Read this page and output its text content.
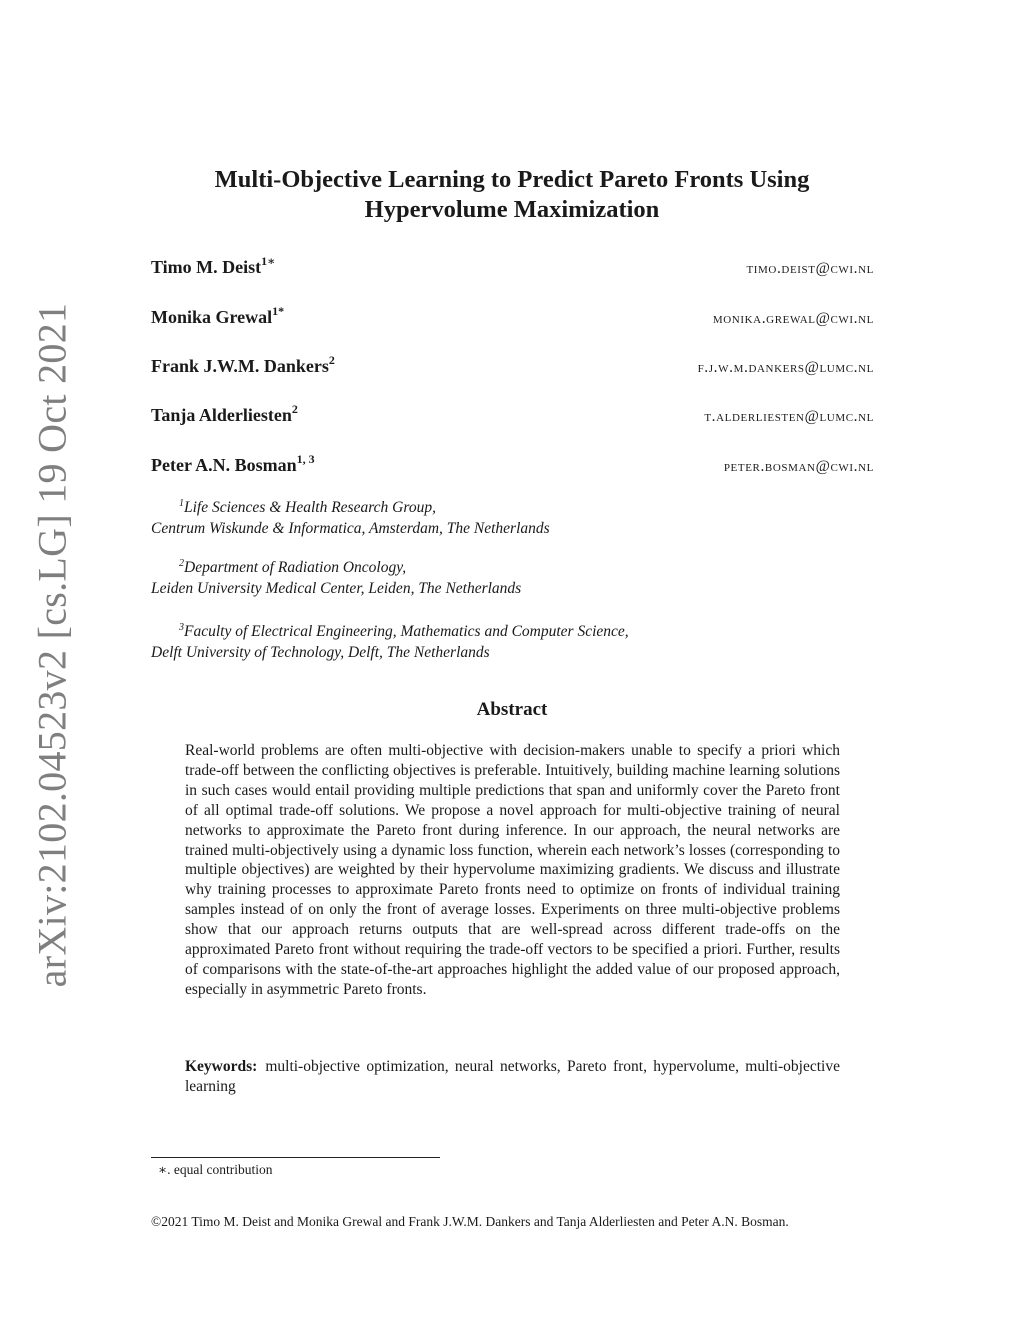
arXiv:2102.04523v2 [cs.LG] 19 Oct 2021
Multi-Objective Learning to Predict Pareto Fronts Using
Hypervolume Maximization
Timo M. Deist$^{1∗}$	timo.deist@cwi.nl
Monika Grewal$^{1*}$	monika.grewal@cwi.nl
Frank J.W.M. Dankers$^2$	f.j.w.m.dankers@lumc.nl
Tanja Alderliesten$^2$	t.alderliesten@lumc.nl
Peter A.N. Bosman$^{1, 3}$	peter.bosman@cwi.nl
$^1$Life Sciences & Health Research Group,
Centrum Wiskunde & Informatica, Amsterdam, The Netherlands
$^2$Department of Radiation Oncology,
Leiden University Medical Center, Leiden, The Netherlands
$^3$Faculty of Electrical Engineering, Mathematics and Computer Science,
Delft University of Technology, Delft, The Netherlands
Abstract
Real-world problems are often multi-objective with decision-makers unable to specify a priori which trade-off between the conflicting objectives is preferable. Intuitively, building machine learning solutions in such cases would entail providing multiple predictions that span and uniformly cover the Pareto front of all optimal trade-off solutions. We propose a novel approach for multi-objective training of neural networks to approximate the Pareto front during inference. In our approach, the neural networks are trained multi-objectively using a dynamic loss function, wherein each network’s losses (corresponding to multiple objectives) are weighted by their hypervolume maximizing gradients. We discuss and illustrate why training processes to approximate Pareto fronts need to optimize on fronts of individual training samples instead of on only the front of average losses. Experiments on three multi-objective problems show that our approach returns outputs that are well-spread across different trade-offs on the approximated Pareto front without requiring the trade-off vectors to be specified a priori. Further, results of comparisons with the state-of-the-art approaches highlight the added value of our proposed approach, especially in asymmetric Pareto fronts.
Keywords: multi-objective optimization, neural networks, Pareto front, hypervolume, multi-objective learning
∗. equal contribution
©2021 Timo M. Deist and Monika Grewal and Frank J.W.M. Dankers and Tanja Alderliesten and Peter A.N. Bosman.
